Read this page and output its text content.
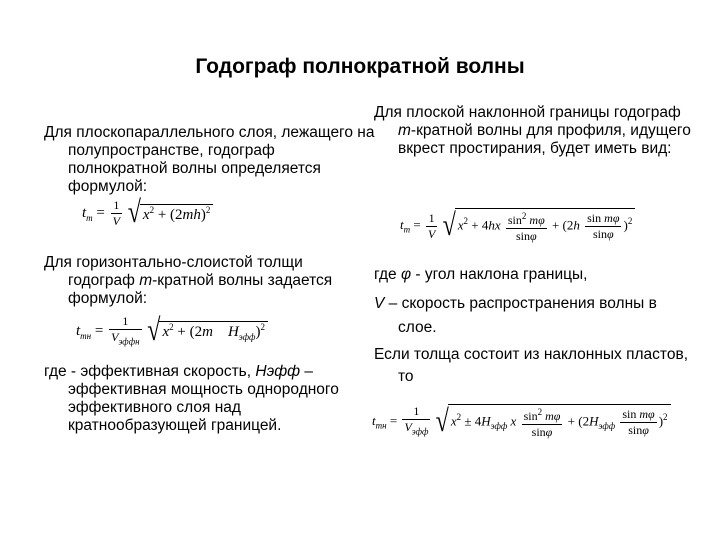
Годограф полнократной волны
Для плоскопараллельного слоя, лежащего на полупространстве, годограф полнократной волны определяется формулой:
$t_m = \frac{1}{V}$ √ $x^2 + (2mh)^2$
Для горизонтально-слоистой толщи годограф m-кратной волны задается формулой:
$t_{mн} = \frac{1}{V_{эффн}}$ √ $x^2 + (2m$ $H_{эфф})^2$
где - эффективная скорость, Нэфф – эффективная мощность однородного эффективного слоя над кратнообразующей границей.
Для плоской наклонной границы годограф m-кратной волны для профиля, идущего вкрест простирания, будет иметь вид:
$t_m = \frac{1}{V}$ √ $x^2 + 4hx \frac{\sin^2 m\varphi}{\sin\varphi} + (2h \frac{\text{sin mφ}}{\sin\varphi} )^2$
где φ - угол наклона границы,
V – скорость распространения волны в слое.
Если толща состоит из наклонных пластов, то
$t_{mн} = \frac{1}{V_{эфф}}$ √ $x^2 \pm 4H_{эфф}$ x $\frac{\sin^2 m\varphi}{\sin\varphi} + (2H_{эфф} \frac{\text{sin mφ}}{\sin\varphi} )^2$
